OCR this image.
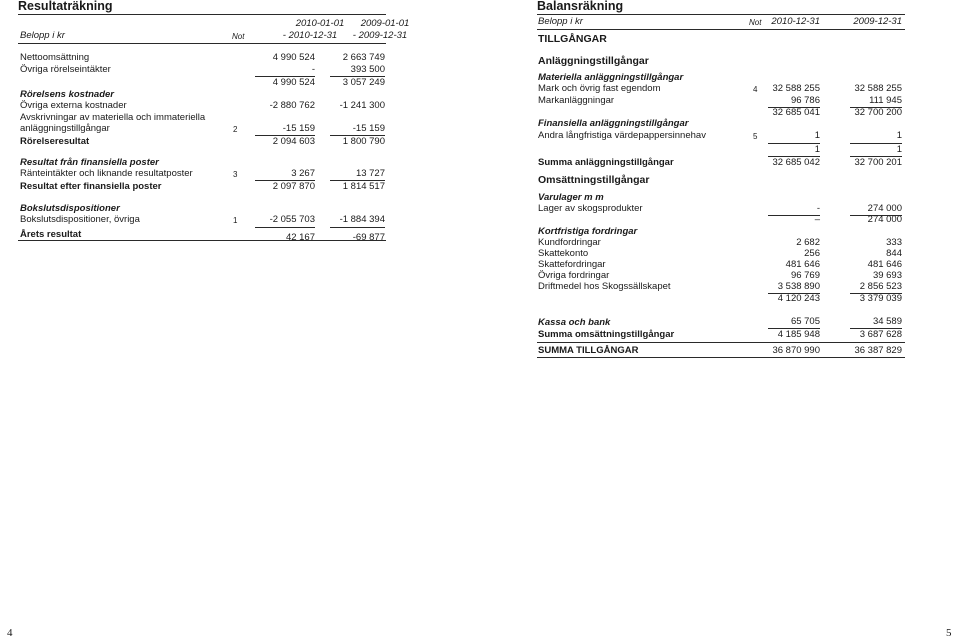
Resultaträkning
2010-01-01	2009-01-01
Belopp i kr	Not	- 2010-12-31	- 2009-12-31
Nettoomsättning	4 990 524	2 663 749
Övriga rörelseintäkter	-	393 500
4 990 524	3 057 249
Rörelsens kostnader
Övriga externa kostnader	-2 880 762	-1 241 300
Avskrivningar av materiella och immateriella
anläggningstillgångar	2	-15 159	-15 159
Rörelseresultat	2 094 603	1 800 790
Resultat från finansiella poster
Ränteintäkter och liknande resultatposter	3	3 267	13 727
Resultat efter finansiella poster	2 097 870	1 814 517
Bokslutsdispositioner
Bokslutsdispositioner, övriga	1	-2 055 703	-1 884 394
Årets resultat	42 167	-69 877
4
Balansräkning
Belopp i kr	Not	2010-12-31	2009-12-31
TILLGÅNGAR
Anläggningstillgångar
Materiella anläggningstillgångar
Mark och övrig fast egendom	4	32 588 255	32 588 255
Markanläggningar	96 786	111 945
32 685 041	32 700 200
Finansiella anläggningstillgångar
Andra långfristiga värdepappersinnehav	5	1	1
1	1
Summa anläggningstillgångar	32 685 042	32 700 201
Omsättningstillgångar
Varulager m m
Lager av skogsprodukter	-	274 000
–	274 000
Kortfristiga fordringar
Kundfordringar	2 682	333
Skattekonto	256	844
Skattefordringar	481 646	481 646
Övriga fordringar	96 769	39 693
Driftmedel hos Skogssällskapet	3 538 890	2 856 523
4 120 243	3 379 039
Kassa och bank	65 705	34 589
Summa omsättningstillgångar	4 185 948	3 687 628
SUMMA TILLGÅNGAR	36 870 990	36 387 829
5
